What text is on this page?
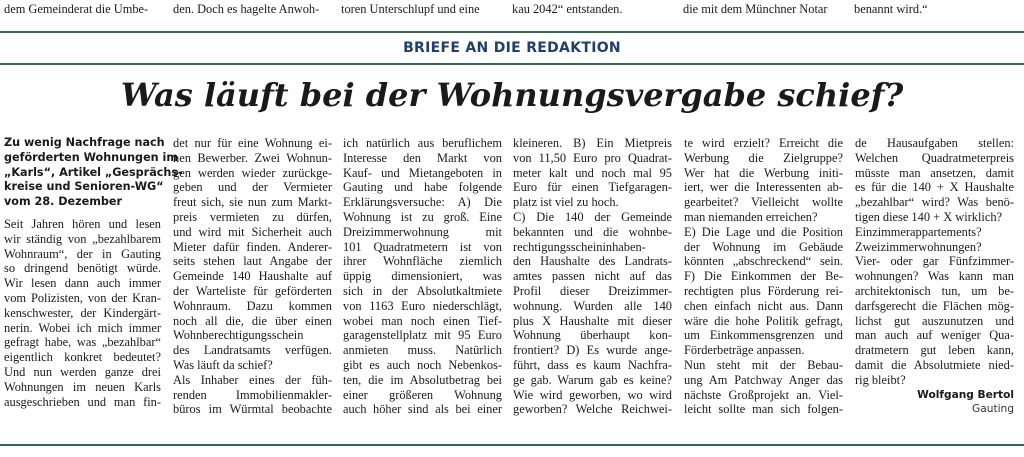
dem Gemeinderat die Umbe-	den. Doch es hagelte Anwoh-	toren Unterschlupf und eine	kau 2042“ entstanden.	die mit dem Münchner Notar	benannt wird.“
BRIEFE AN DIE REDAKTION
Was läuft bei der Wohnungsvergabe schief?
Zu wenig Nachfrage nach
geförderten Wohnungen im
„Karls“, Artikel „Gesprächs-
kreise und Senioren-WG“
vom 28. Dezember
Seit Jahren hören und lesen
wir ständig von „bezahlbarem
Wohnraum“, der in Gauting
so dringend benötigt würde.
Wir lesen dann auch immer
vom Polizisten, von der Kran-
kenschwester, der Kindergärt-
nerin. Wobei ich mich immer
gefragt habe, was „bezahlbar“
eigentlich konkret bedeutet?
Und nun werden ganze drei
Wohnungen im neuen Karls
ausgeschrieben und man fin-
det nur für eine Wohnung ei-
nen Bewerber. Zwei Wohnun-
gen werden wieder zurückge-
geben und der Vermieter
freut sich, sie nun zum Markt-
preis vermieten zu dürfen,
und wird mit Sicherheit auch
Mieter dafür finden. Anderer-
seits stehen laut Angabe der
Gemeinde 140 Haushalte auf
der Warteliste für geförderten
Wohnraum. Dazu kommen
noch all die, die über einen
Wohnberechtigungsschein
des Landratsamts verfügen.
Was läuft da schief?
Als Inhaber eines der füh-
renden Immobilienmakler-
büros im Würmtal beobachte
ich natürlich aus beruflichem
Interesse den Markt von
Kauf- und Mietangeboten in
Gauting und habe folgende
Erklärungsversuche: A) Die
Wohnung ist zu groß. Eine
Dreizimmerwohnung mit
101 Quadratmetern ist von
ihrer Wohnfläche ziemlich
üppig dimensioniert, was
sich in der Absolutkaltmiete
von 1163 Euro niederschlägt,
wobei man noch einen Tief-
garagenstellplatz mit 95 Euro
anmieten muss. Natürlich
gibt es auch noch Nebenkos-
ten, die im Absolutbetrag bei
einer größeren Wohnung
auch höher sind als bei einer
kleineren. B) Ein Mietpreis
von 11,50 Euro pro Quadrat-
meter kalt und noch mal 95
Euro für einen Tiefgaragen-
platz ist viel zu hoch.
C) Die 140 der Gemeinde
bekannten und die wohnbe-
rechtigungsscheininhaben-
den Haushalte des Landrats-
amtes passen nicht auf das
Profil dieser Dreizimmer-
wohnung. Wurden alle 140
plus X Haushalte mit dieser
Wohnung überhaupt kon-
frontiert? D) Es wurde ange-
führt, dass es kaum Nachfra-
ge gab. Warum gab es keine?
Wie wird geworben, wo wird
geworben? Welche Reichwei-
te wird erzielt? Erreicht die
Werbung die Zielgruppe?
Wer hat die Werbung initi-
iert, wer die Interessenten ab-
gearbeitet? Vielleicht wollte
man niemanden erreichen?
E) Die Lage und die Position
der Wohnung im Gebäude
könnten „abschreckend“ sein.
F) Die Einkommen der Be-
rechtigten plus Förderung rei-
chen einfach nicht aus. Dann
wäre die hohe Politik gefragt,
um Einkommensgrenzen und
Förderbeträge anpassen.
Nun steht mit der Bebau-
ung Am Patchway Anger das
nächste Großprojekt an. Viel-
leicht sollte man sich folgen-
de Hausaufgaben stellen:
Welchen Quadratmeterpreis
müsste man ansetzen, damit
es für die 140 + X Haushalte
„bezahlbar“ wird? Was benö-
tigen diese 140 + X wirklich?
Einzimmerappartements?
Zweizimmerwohnungen?
Vier- oder gar Fünfzimmer-
wohnungen? Was kann man
architektonisch tun, um be-
darfsgerecht die Flächen mög-
lichst gut auszunutzen und
man auch auf weniger Qua-
dratmetern gut leben kann,
damit die Absolutmiete nied-
rig bleibt?
Wolfgang Bertol
Gauting
